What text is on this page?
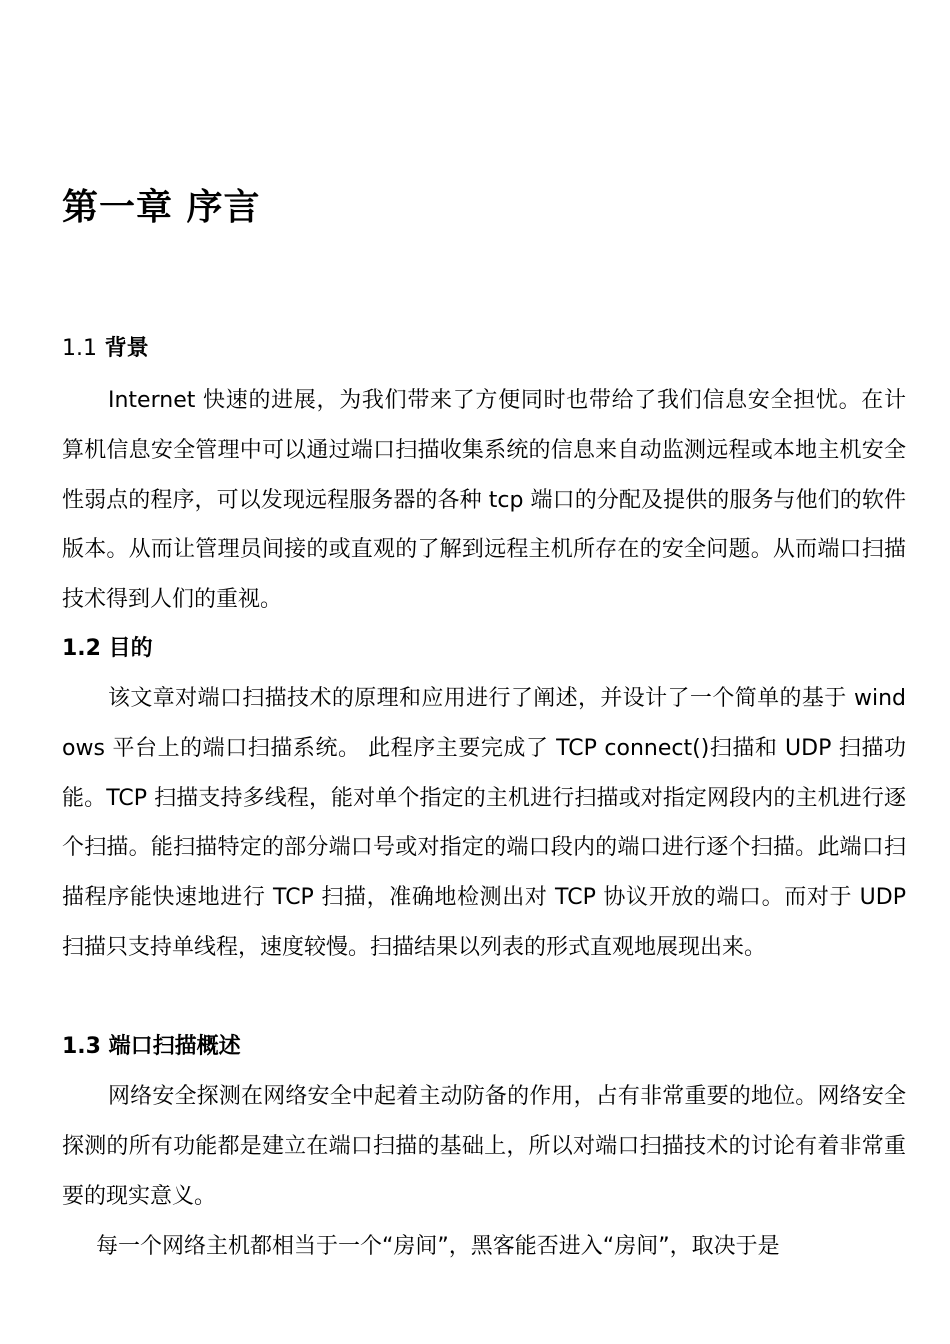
第一章 序言
1.1 背景

Internet 快速的进展，为我们带来了方便同时也带给了我们信息安全担忧。在计算机信息安全管理中可以通过端口扫描收集系统的信息来自动监测远程或本地主机安全性弱点的程序，可以发现远程服务器的各种 tcp 端口的分配及提供的服务与他们的软件版本。从而让管理员间接的或直观的了解到远程主机所存在的安全问题。从而端口扫描技术得到人们的重视。

1.2 目的

该文章对端口扫描技术的原理和应用进行了阐述，并设计了一个简单的基于 windows 平台上的端口扫描系统。 此程序主要完成了 TCP connect()扫描和 UDP 扫描功能。TCP 扫描支持多线程，能对单个指定的主机进行扫描或对指定网段内的主机进行逐个扫描。能扫描特定的部分端口号或对指定的端口段内的端口进行逐个扫描。此端口扫描程序能快速地进行 TCP 扫描，准确地检测出对 TCP 协议开放的端口。而对于 UDP 扫描只支持单线程，速度较慢。扫描结果以列表的形式直观地展现出来。

1.3 端口扫描概述

网络安全探测在网络安全中起着主动防备的作用，占有非常重要的地位。网络安全探测的所有功能都是建立在端口扫描的基础上，所以对端口扫描技术的讨论有着非常重要的现实意义。

每一个网络主机都相当于一个“房间”，黑客能否进入“房间”，取决于是
